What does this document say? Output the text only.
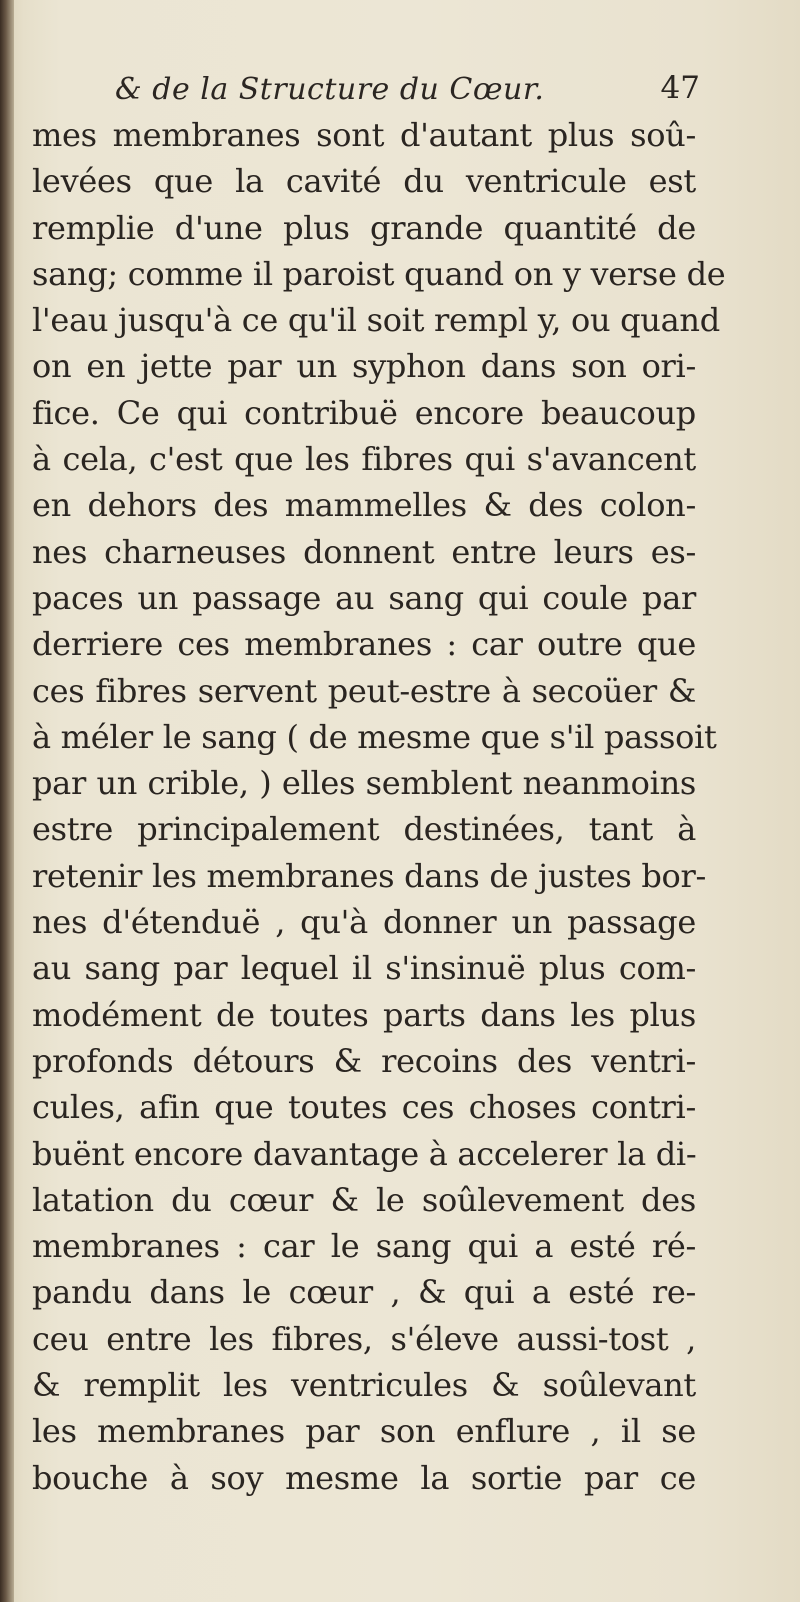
& de la Structure du Cœur.	47
mes membranes sont d'autant plus soû-
levées que la cavité du ventricule est
remplie d'une plus grande quantité de
sang; comme il paroist quand on y verse de
l'eau jusqu'à ce qu'il soit rempl y, ou quand
on en jette par un syphon dans son ori-
fice. Ce qui contribuë encore beaucoup
à cela, c'est que les fibres qui s'avancent
en dehors des mammelles & des colon-
nes charneuses donnent entre leurs es-
paces un passage au sang qui coule par
derriere ces membranes : car outre que
ces fibres servent peut-estre à secoüer &
à méler le sang ( de mesme que s'il passoit
par un crible, ) elles semblent neanmoins
estre principalement destinées, tant à
retenir les membranes dans de justes bor-
nes d'étenduë , qu'à donner un passage
au sang par lequel il s'insinuë plus com-
modément de toutes parts dans les plus
profonds détours & recoins des ventri-
cules, afin que toutes ces choses contri-
buënt encore davantage à accelerer la di-
latation du cœur & le soûlevement des
membranes : car le sang qui a esté ré-
pandu dans le cœur , & qui a esté re-
ceu entre les fibres, s'éleve aussi-tost ,
& remplit les ventricules & soûlevant
les membranes par son enflure , il se
bouche à soy mesme la sortie par ce
